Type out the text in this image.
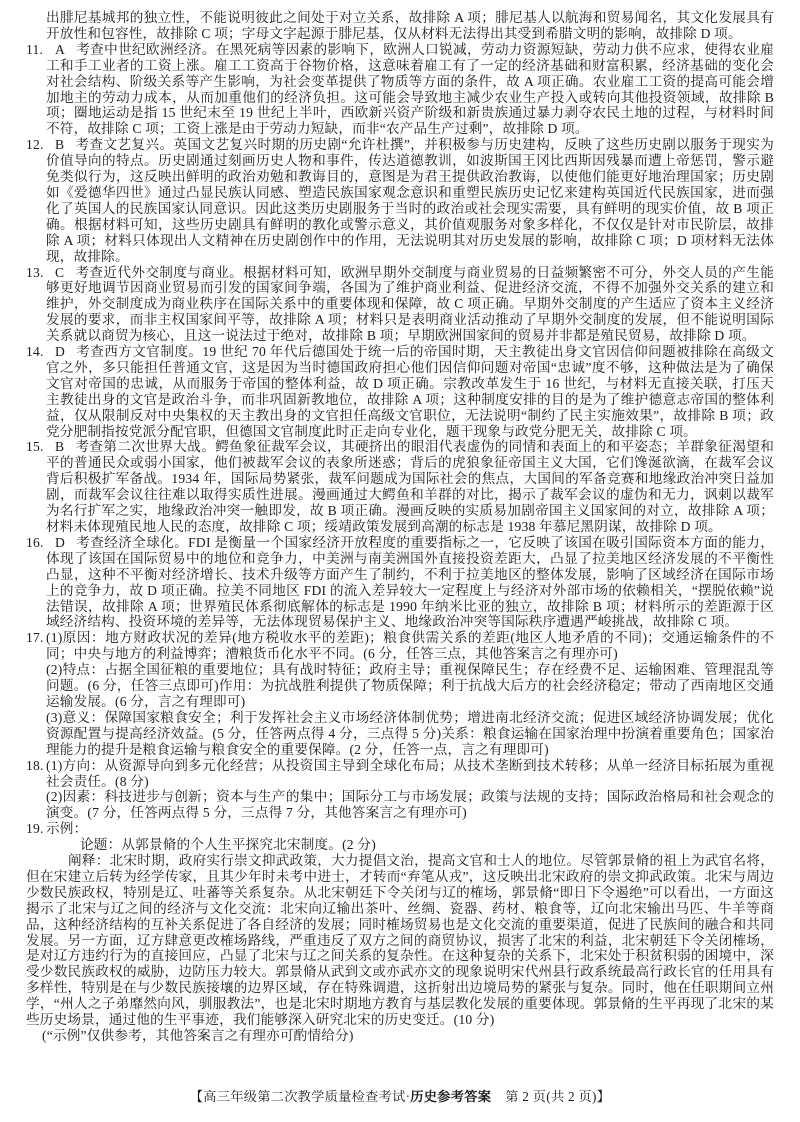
出腓尼基城邦的独立性，不能说明彼此之间处于对立关系，故排除 A 项；腓尼基人以航海和贸易闻名，其文化发展具有开放性和包容性，故排除 C 项；字母文字起源于腓尼基，仅从材料无法得出其受到希腊文明的影响，故排除 D 项。

11. A 考查中世纪欧洲经济。在黑死病等因素的影响下，欧洲人口锐减，劳动力资源短缺，劳动力供不应求，使得农业雇工和手工业者的工资上涨。雇工工资高于谷物价格，这意味着雇工有了一定的经济基础和财富积累，经济基础的变化会对社会结构、阶级关系等产生影响，为社会变革提供了物质等方面的条件，故 A 项正确。农业雇工工资的提高可能会增加地主的劳动力成本，从而加重他们的经济负担。这可能会导致地主减少农业生产投入或转向其他投资领域，故排除 B 项；圈地运动是指 15 世纪末至 19 世纪上半叶，西欧新兴资产阶级和新贵族通过暴力剥夺农民土地的过程，与材料时间不符，故排除 C 项；工资上涨是由于劳动力短缺，而非“农产品生产过剩”，故排除 D 项。
12. B 考查文艺复兴。英国文艺复兴时期的历史剧“允许杜撰”，并积极参与历史建构，反映了这些历史剧以服务于现实为价值导向的特点。历史剧通过刻画历史人物和事件，传达道德教训，如波斯国王冈比西斯因残暴而遭上帝惩罚，警示避免类似行为，这反映出鲜明的政治劝勉和教诲目的，意图是为君王提供政治教诲，以使他们能更好地治理国家；历史剧如《爱德华四世》通过凸显民族认同感、塑造民族国家观念意识和重塑民族历史记忆来建构英国近代民族国家，进而强化了英国人的民族国家认同意识。因此这类历史剧服务于当时的政治或社会现实需要，具有鲜明的现实价值，故 B 项正确。根据材料可知，这些历史剧具有鲜明的教化或警示意义，其价值观服务对象多样化，不仅仅是针对市民阶层，故排除 A 项；材料只体现出人文精神在历史剧创作中的作用，无法说明其对历史发展的影响，故排除 C 项；D 项材料无法体现，故排除。
13. C 考查近代外交制度与商业。根据材料可知，欧洲早期外交制度与商业贸易的日益频繁密不可分，外交人员的产生能够更好地调节因商业贸易而引发的国家间争端，各国为了维护商业利益、促进经济交流，不得不加强外交关系的建立和维护，外交制度成为商业秩序在国际关系中的重要体现和保障，故 C 项正确。早期外交制度的产生适应了资本主义经济发展的要求，而非主权国家间平等，故排除 A 项；材料只是表明商业活动推动了早期外交制度的发展，但不能说明国际关系就以商贸为核心，且这一说法过于绝对，故排除 B 项；早期欧洲国家间的贸易并非都是殖民贸易，故排除 D 项。
14. D 考查西方文官制度。19 世纪 70 年代后德国处于统一后的帝国时期，天主教徒出身文官因信仰问题被排除在高级文官之外，多只能担任普通文官，这是因为当时德国政府担心他们因信仰问题对帝国“忠诚”度不够，这种做法是为了确保文官对帝国的忠诚，从而服务于帝国的整体利益，故 D 项正确。宗教改革发生于 16 世纪，与材料无直接关联，打压天主教徒出身的文官是政治斗争，而非巩固新教地位，故排除 A 项；这种制度安排的目的是为了维护德意志帝国的整体利益，仅从限制反对中央集权的天主教出身的文官担任高级文官职位，无法说明“制约了民主实施效果”，故排除 B 项；政党分肥制指按党派分配官职，但德国文官制度此时正走向专业化，题干现象与政党分肥无关，故排除 C 项。
15. B 考查第二次世界大战。鳄鱼象征裁军会议，其硬挤出的眼泪代表虚伪的同情和表面上的和平姿态；羊群象征渴望和平的普通民众或弱小国家，他们被裁军会议的表象所迷惑；背后的虎狼象征帝国主义大国，它们馋涎欲滴，在裁军会议背后积极扩军备战。1934 年，国际局势紧张，裁军问题成为国际社会的焦点，大国间的军备竞赛和地缘政治冲突日益加剧，而裁军会议往往难以取得实质性进展。漫画通过大鳄鱼和羊群的对比，揭示了裁军会议的虚伪和无力，讽刺以裁军为名行扩军之实，地缘政治冲突一触即发，故 B 项正确。漫画反映的实质易加剧帝国主义国家间的对立，故排除 A 项；材料未体现殖民地人民的态度，故排除 C 项；绥靖政策发展到高潮的标志是 1938 年慕尼黑阴谋，故排除 D 项。
16. D 考查经济全球化。FDI 是衡量一个国家经济开放程度的重要指标之一，它反映了该国在吸引国际资本方面的能力，体现了该国在国际贸易中的地位和竞争力，中美洲与南美洲国外直接投资差距大，凸显了拉美地区经济发展的不平衡性凸显，这种不平衡对经济增长、技术升级等方面产生了制约，不利于拉美地区的整体发展，影响了区域经济在国际市场上的竞争力，故 D 项正确。拉美不同地区 FDI 的流入差异较大一定程度上与经济对外部市场的依赖相关，“摆脱依赖”说法错误，故排除 A 项；世界殖民体系彻底解体的标志是 1990 年纳米比亚的独立，故排除 B 项；材料所示的差距源于区域经济结构、投资环境的差异等，无法体现贸易保护主义、地缘政治冲突等国际秩序遭遇严峻挑战，故排除 C 项。
17. (1)原因：地方财政状况的差异(地方税收水平的差距)；粮食供需关系的差距(地区人地矛盾的不同)；交通运输条件的不同；中央与地方的利益博弈；漕粮货币化水平不同。(6 分，任答三点，其他答案言之有理亦可)
(2)特点：占据全国征粮的重要地位；具有战时特征；政府主导；重视保障民生；存在经费不足、运输困难、管理混乱等问题。(6 分，任答三点即可)作用：为抗战胜利提供了物质保障；利于抗战大后方的社会经济稳定；带动了西南地区交通运输发展。(6 分，言之有理即可)
(3)意义：保障国家粮食安全；利于发挥社会主义市场经济体制优势；增进南北经济交流；促进区域经济协调发展；优化资源配置与提高经济效益。(5 分，任答两点得 4 分，三点得 5 分)关系：粮食运输在国家治理中扮演着重要角色；国家治理能力的提升是粮食运输与粮食安全的重要保障。(2 分，任答一点，言之有理即可)
18. (1)方向：从资源导向到多元化经营；从投资国主导到全球化布局；从技术垄断到技术转移；从单一经济目标拓展为重视社会责任。(8 分)
(2)因素：科技进步与创新；资本与生产的集中；国际分工与市场发展；政策与法规的支持；国际政治格局和社会观念的演变。(7 分，任答两点得 5 分，三点得 7 分，其他答案言之有理亦可)
19. 示例：
论题：从郭景脩的个人生平探究北宋制度。(2 分)
阐释：北宋时期，政府实行崇文抑武政策，大力提倡文治，提高文官和士人的地位。尽管郭景脩的祖上为武官名将，但在宋建立后转为经学传家，且其少年时未考中进士，才转而“弃笔从戎”，这反映出北宋政府的崇文抑武政策。北宋与周边少数民族政权，特别是辽、吐蕃等关系复杂。从北宋朝廷下令关闭与辽的榷场，郭景脩“即日下令遏绝”可以看出，一方面这揭示了北宋与辽之间的经济与文化交流：北宋向辽输出茶叶、丝绸、瓷器、药材、粮食等，辽向北宋输出马匹、牛羊等商品，这种经济结构的互补关系促进了各自经济的发展；同时榷场贸易也是文化交流的重要渠道，促进了民族间的融合和共同发展。另一方面，辽方肆意更改榷场路线，严重违反了双方之间的商贸协议，损害了北宋的利益，北宋朝廷下令关闭榷场，是对辽方违约行为的直接回应，凸显了北宋与辽之间关系的复杂性。在这种复杂的关系下，北宋处于积贫积弱的困境中，深受少数民族政权的威胁，边防压力较大。郭景脩从武到文或亦武亦文的现象说明宋代州县行政系统最高行政长官的任用具有多样性，特别是在与少数民族接壤的边界区域，存在特殊调遣，这折射出边境局势的紧张与复杂。同时，他在任职期间立州学，“州人之子弟靡然向风，驯服教法”，也是北宋时期地方教育与基层教化发展的重要体现。郭景脩的生平再现了北宋的某些历史场景，通过他的生平事迹，我们能够深入研究北宋的历史变迁。(10 分)
(“示例”仅供参考，其他答案言之有理亦可酌情给分)
【高三年级第二次教学质量检查考试·历史参考答案 第 2 页(共 2 页)】
